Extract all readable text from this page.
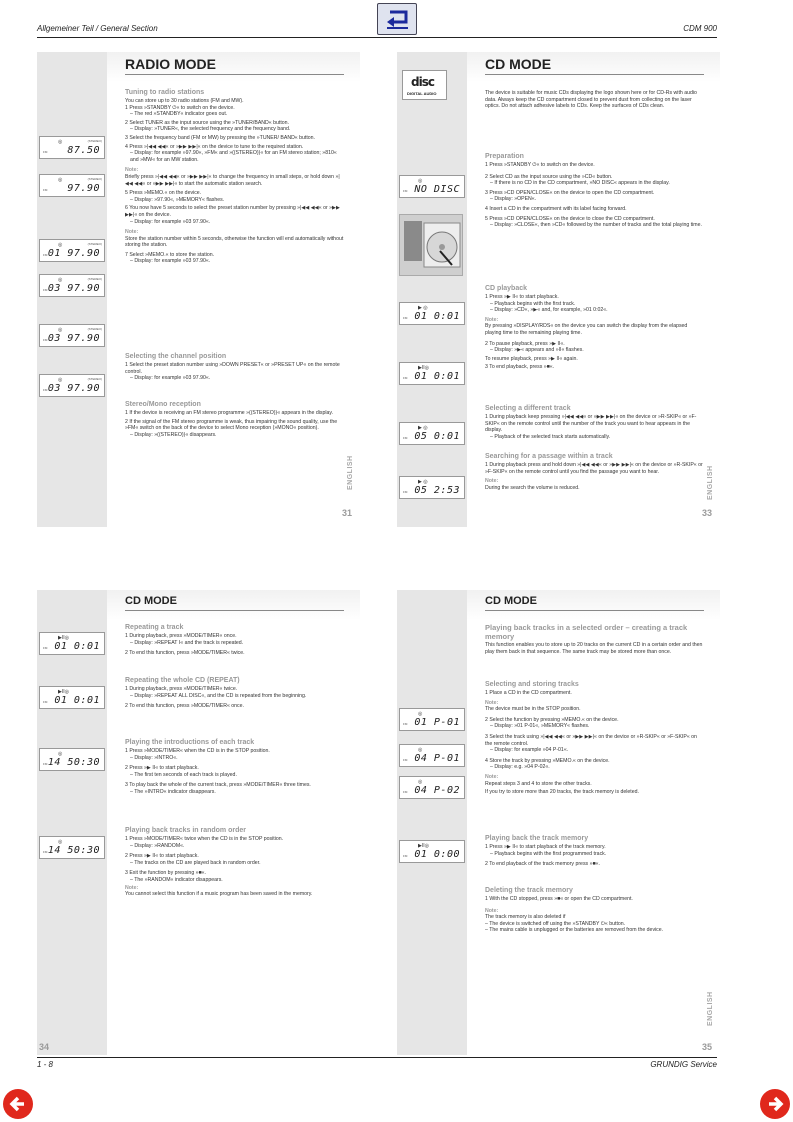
Allgemeiner Teil / General Section	CDM 900
RADIO MODE
Tuning to radio stations
You can store up to 30 radio stations (FM and MW).
1 Press »STANDBY ⏻« to switch on the device.
– The red »STANDBY« indicator goes out.
2 Select TUNER as the input source using the »TUNER/BAND« button.
– Display: »TUNER«, the selected frequency and the frequency band.
3 Select the frequency band (FM or MW) by pressing the »TUNER/ BAND« button.
4 Press »|◀◀ ◀◀« or »▶▶ ▶▶|« on the device to tune to the required station.
– Display: for example »97.90«, »FM« and »((STEREO))« for an FM stereo station; »810« and »MW« for an MW station.
Note:
Briefly press »|◀◀ ◀◀« or »▶▶ ▶▶|« to change the frequency in small steps, or hold down »|◀◀ ◀◀« or »▶▶ ▶▶|« to start the automatic station search.
5 Press »MEMO.« on the device.
– Display: »97.90«, »MEMORY« flashes.
6 You now have 5 seconds to select the preset station number by pressing »|◀◀ ◀◀« or »▶▶ ▶▶|« on the device.
– Display: for example »03 97.90«.
Note:
Store the station number within 5 seconds, otherwise the function will end automatically without storing the station.
7 Select »MEMO.« to store the station.
– Display: for example »03 97.90«.
Selecting the channel position
1 Select the preset station number using »DOWN PRESET« or »PRESET UP« on the remote control.
– Display: for example »03 97.90«.
Stereo/Mono reception
1 If the device is receiving an FM stereo programme »((STEREO))« appears in the display.
2 If the signal of the FM stereo programme is weak, thus impairing the sound quality, use the »FM« switch on the back of the device to select Mono reception (»MONO« position).
– Display: »((STEREO))« disappears.
◎	(STEREO)
FM 87.50
◎	(STEREO)
FM 97.90
◎	(STEREO)
FM 01 97.90
◎	(STEREO)
FM 03 97.90
◎	(STEREO)
FM 03 97.90
◎	(STEREO)
FM 03 97.90
ENGLISH
31
CD MODE
disc
DIGITAL AUDIO	The device is suitable for music CDs displaying the logo shown here or for CD-Rs with audio data. Always keep the CD compartment closed to prevent dust from collecting on the laser optics. Do not attach adhesive labels to CDs. Keep the surfaces of CDs clean.
Preparation
1 Press »STANDBY ⏻« to switch on the device.
2 Select CD as the input source using the »CD« button.
– If there is no CD in the CD compartment, »NO DISC« appears in the display.
3 Press »CD OPEN/CLOSE« on the device to open the CD compartment.
– Display: »OPEN«.
4 Insert a CD in the compartment with its label facing forward.
5 Press »CD OPEN/CLOSE« on the device to close the CD compartment.
– Display: »CLOSE«, then »CD« followed by the number of tracks and the total playing time.
CD playback
1 Press »▶ II« to start playback.
– Playback begins with the first track.
– Display: »CD«, »▶« and, for example, »01 0:02«.
Note:
By pressing »DISPLAY/RDS« on the device you can switch the display from the elapsed playing time to the remaining playing time.
2 To pause playback, press »▶ II«.
– Display: »▶« appears and »II« flashes.
To resume playback, press »▶ II« again.
3 To end playback, press »■«.
Selecting a different track
1 During playback keep pressing »|◀◀ ◀◀« or »▶▶ ▶▶|« on the device or »R-SKIP« or »F-SKIP« on the remote control until the number of the track you want to hear appears in the display.
– Playback of the selected track starts automatically.
Searching for a passage within a track
1 During playback press and hold down »|◀◀ ◀◀« or »▶▶ ▶▶|« on the device or »R-SKIP« or »F-SKIP« on the remote control until you find the passage you want to hear.
Note:
During the search the volume is reduced.
◎
FM NO DISC
▶ ◎
FM 01 0:01
▶II◎
FM 01 0:01
▶ ◎
FM 05 0:01
▶ ◎
FM 05 2:53	ENGLISH
33
CD MODE
Repeating a track
1 During playback, press »MODE/TIMER« once.
– Display: »REPEAT I« and the track is repeated.
2 To end this function, press »MODE/TIMER« twice.
Repeating the whole CD (REPEAT)
1 During playback, press »MODE/TIMER« twice.
– Display: »REPEAT ALL DISC«, and the CD is repeated from the beginning.
2 To end this function, press »MODE/TIMER« once.
Playing the introductions of each track
1 Press »MODE/TIMER« when the CD is in the STOP position.
– Display: »INTRO«.
2 Press »▶ II« to start playback.
– The first ten seconds of each track is played.
3 To play back the whole of the current track, press »MODE/TIMER« three times.
– The »INTRO« indicator disappears.
Playing back tracks in random order
1 Press »MODE/TIMER« twice when the CD is in the STOP position.
– Display: »RANDOM«.
2 Press »▶ II« to start playback.
– The tracks on the CD are played back in random order.
3 Exit the function by pressing »■«.
– The »RANDOM« indicator disappears.
Note:
You cannot select this function if a music program has been saved in the memory.
▶II◎
FM 01 0:01
▶II◎
FM 01 0:01
◎
FM 14 50:30
◎
FM 14 50:30
34
CD MODE
Playing back tracks in a selected order – creating a track memory
This function enables you to store up to 20 tracks on the current CD in a certain order and then play them back in that sequence. The same track may be stored more than once.
Selecting and storing tracks
1 Place a CD in the CD compartment.
Note:
The device must be in the STOP position.
2 Select the function by pressing »MEMO.« on the device.
– Display: »01 P-01«, »MEMORY« flashes.
3 Select the track using »|◀◀ ◀◀« or »▶▶ ▶▶|« on the device or »R-SKIP« or »F-SKIP« on the remote control.
– Display: for example »04 P-01«.
4 Store the track by pressing »MEMO.« on the device.
– Display: e.g. »04 P-02«.
Note:
Repeat steps 3 and 4 to store the other tracks.
If you try to store more than 20 tracks, the track memory is deleted.
Playing back the track memory
1 Press »▶ II« to start playback of the track memory.
– Playback begins with the first programmed track.
2 To end playback of the track memory press »■«.
Deleting the track memory
1 With the CD stopped, press »■« or open the CD compartment.
Note:
The track memory is also deleted if
– The device is switched off using the »STANDBY ⏻« button.
– The mains cable is unplugged or the batteries are removed from the device.
◎
FM 01 P-01
◎
FM 04 P-01
◎
FM 04 P-02
▶II◎
FM 01 0:00
ENGLISH
35
1 - 8	GRUNDIG Service
